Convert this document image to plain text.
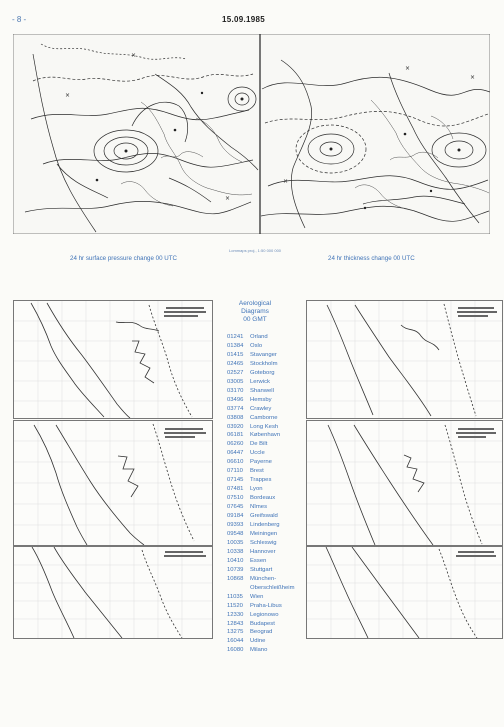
- 8 -	15.09.1985
×
×
×
×
×
×
Lommaps proj., 1:50 000 000
24 hr surface pressure change 00 UTC	24 hr thickness change 00 UTC
Aerological
Diagrams
00 GMT
01241	Orland
01384	Oslo
01415	Stavanger
02465	Stockholm
02527	Goteborg
03005	Lerwick
03170	Shanwell
03496	Hemsby
03774	Crawley
03808	Camborne
03920	Long Kesh
06181	København
06260	De Bilt
06447	Uccle
06610	Payerne
07110	Brest
07145	Trappes
07481	Lyon
07510	Bordeaux
07645	Nîmes
09184	Greifswald
09393	Lindenberg
09548	Meiningen
10035	Schleswig
10338	Hannover
10410	Essen
10739	Stuttgart
10868	München-
Oberschleißheim
11035	Wien
11520	Praha-Libus
12330	Legionowo
12843	Budapest
13275	Beograd
16044	Udine
16080	Milano
